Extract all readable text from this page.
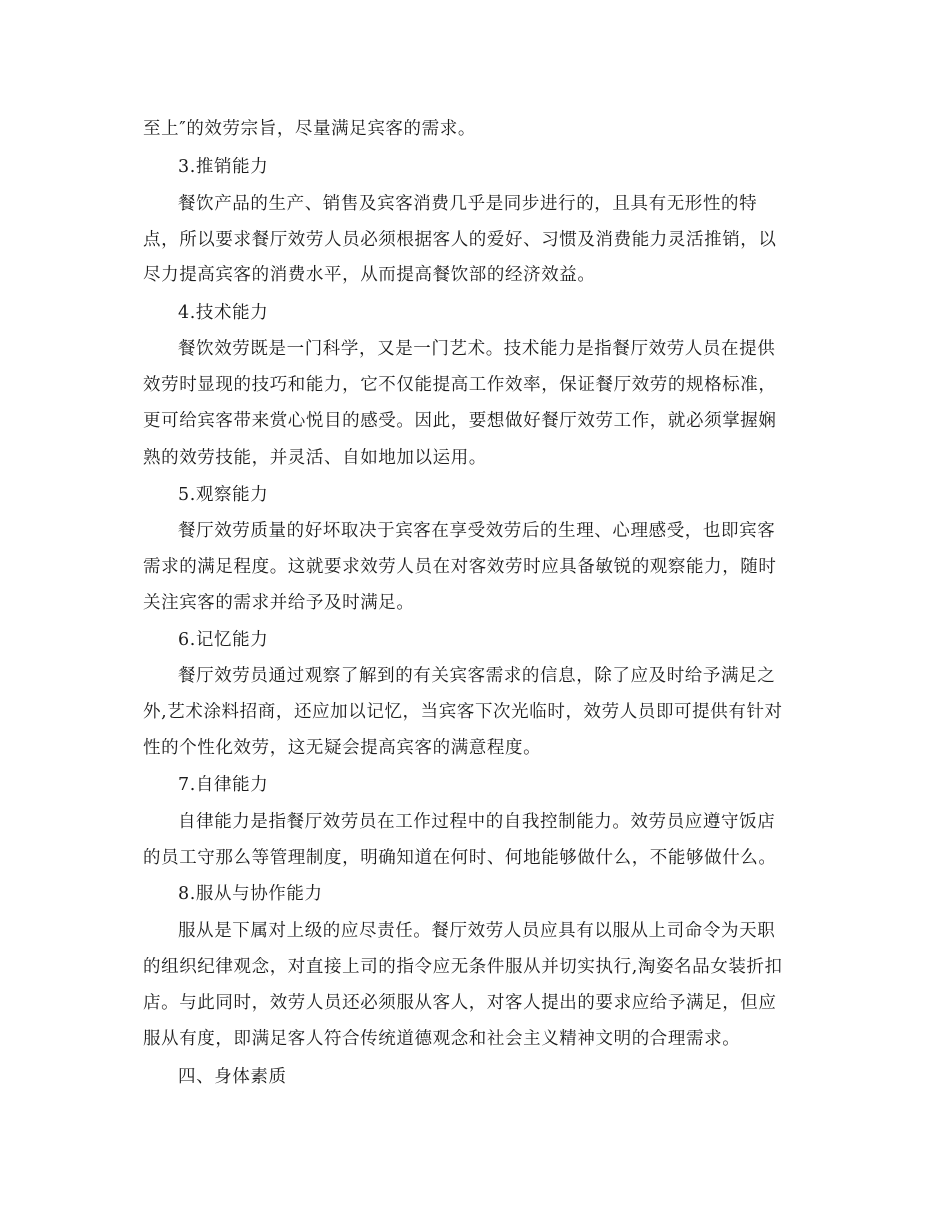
至上″的效劳宗旨，尽量满足宾客的需求。
3.推销能力
餐饮产品的生产、销售及宾客消费几乎是同步进行的，且具有无形性的特
点，所以要求餐厅效劳人员必须根据客人的爱好、习惯及消费能力灵活推销，以
尽力提高宾客的消费水平，从而提高餐饮部的经济效益。
4.技术能力
餐饮效劳既是一门科学，又是一门艺术。技术能力是指餐厅效劳人员在提供
效劳时显现的技巧和能力，它不仅能提高工作效率，保证餐厅效劳的规格标准，
更可给宾客带来赏心悦目的感受。因此，要想做好餐厅效劳工作，就必须掌握娴
熟的效劳技能，并灵活、自如地加以运用。
5.观察能力
餐厅效劳质量的好坏取决于宾客在享受效劳后的生理、心理感受，也即宾客
需求的满足程度。这就要求效劳人员在对客效劳时应具备敏锐的观察能力，随时
关注宾客的需求并给予及时满足。
6.记忆能力
餐厅效劳员通过观察了解到的有关宾客需求的信息，除了应及时给予满足之
外,艺术涂料招商，还应加以记忆，当宾客下次光临时，效劳人员即可提供有针对
性的个性化效劳，这无疑会提高宾客的满意程度。
7.自律能力
自律能力是指餐厅效劳员在工作过程中的自我控制能力。效劳员应遵守饭店
的员工守那么等管理制度，明确知道在何时、何地能够做什么，不能够做什么。
8.服从与协作能力
服从是下属对上级的应尽责任。餐厅效劳人员应具有以服从上司命令为天职
的组织纪律观念，对直接上司的指令应无条件服从并切实执行,淘姿名品女装折扣
店。与此同时，效劳人员还必须服从客人，对客人提出的要求应给予满足，但应
服从有度，即满足客人符合传统道德观念和社会主义精神文明的合理需求。
四、身体素质
